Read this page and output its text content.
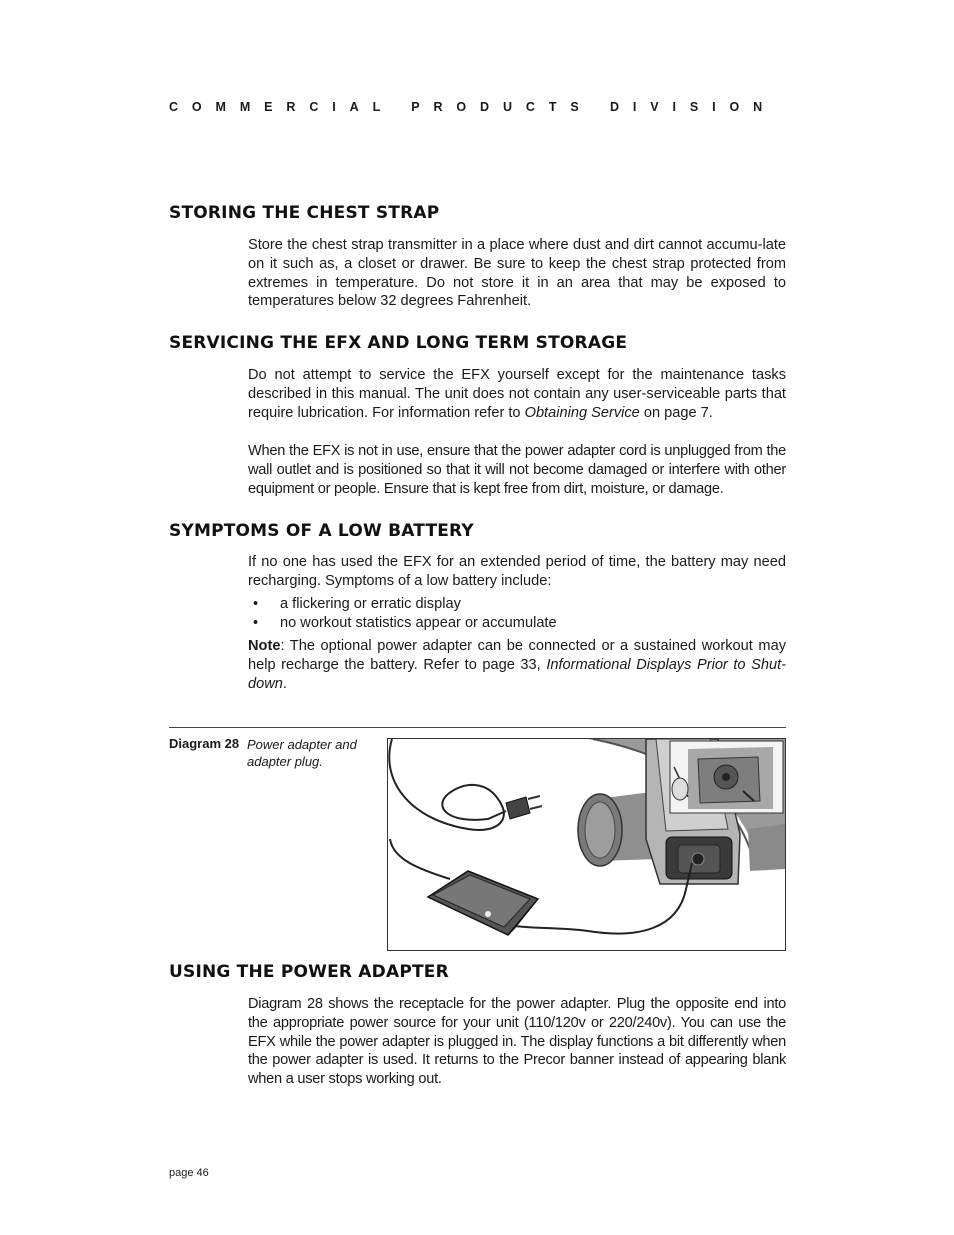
COMMERCIAL PRODUCTS DIVISION
STORING THE CHEST STRAP

Store the chest strap transmitter in a place where dust and dirt cannot accumu-late on it such as, a closet or drawer. Be sure to keep the chest strap protected from extremes in temperature. Do not store it in an area that may be exposed to temperatures below 32 degrees Fahrenheit.

SERVICING THE EFX AND LONG TERM STORAGE

Do not attempt to service the EFX yourself except for the maintenance tasks described in this manual. The unit does not contain any user-serviceable parts that require lubrication. For information refer to Obtaining Service on page 7.

When the EFX is not in use, ensure that the power adapter cord is unplugged from the wall outlet and is positioned so that it will not become damaged or interfere with other equipment or people. Ensure that is kept free from dirt, moisture, or damage.

SYMPTOMS OF A LOW BATTERY

If no one has used the EFX for an extended period of time, the battery may need recharging. Symptoms of a low battery include:

• a flickering or erratic display
• no workout statistics appear or accumulate

Note: The optional power adapter can be connected or a sustained workout may help recharge the battery. Refer to page 33, Informational Displays Prior to Shut-down.

Diagram 28 Power adapter and adapter plug.
USING THE POWER ADAPTER

Diagram 28 shows the receptacle for the power adapter. Plug the opposite end into the appropriate power source for your unit (110/120v or 220/240v). You can use the EFX while the power adapter is plugged in. The display functions a bit differently when the power adapter is used. It returns to the Precor banner instead of appearing blank when a user stops working out.

page 46
